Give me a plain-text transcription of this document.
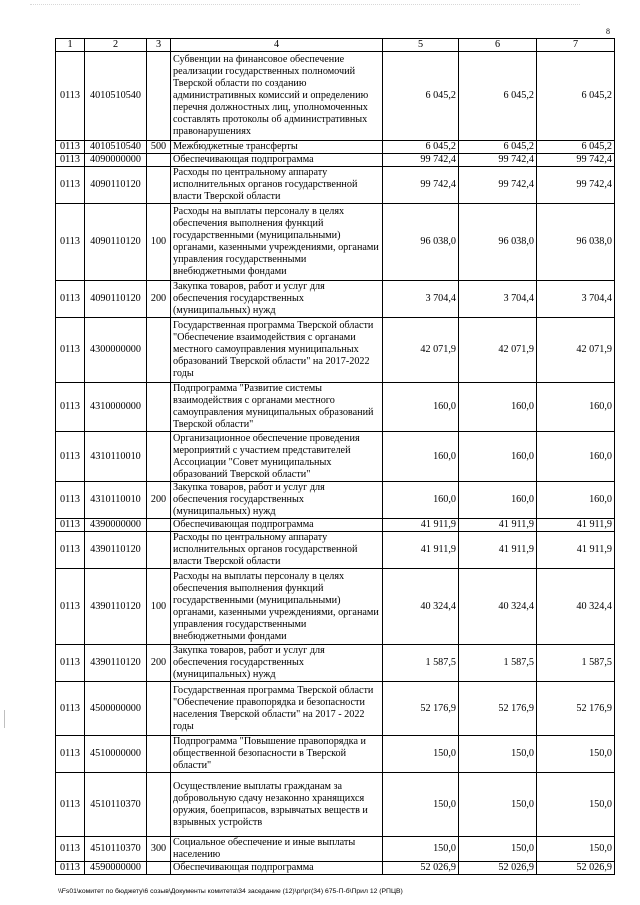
8
1	2	3	4	5	6	7
0113	4010510540		Субвенции на финансовое обеспечение реализации государственных полномочий Тверской области по созданию административных комиссий и определению перечня должностных лиц, уполномоченных составлять протоколы об административных правонарушениях	6 045,2	6 045,2	6 045,2
0113	4010510540	500	Межбюджетные трансферты	6 045,2	6 045,2	6 045,2
0113	4090000000		Обеспечивающая подпрограмма	99 742,4	99 742,4	99 742,4
0113	4090110120		Расходы по центральному аппарату исполнительных органов государственной власти Тверской области	99 742,4	99 742,4	99 742,4
0113	4090110120	100	Расходы на выплаты персоналу в целях обеспечения выполнения функций государственными (муниципальными) органами, казенными учреждениями, органами управления государственными внебюджетными фондами	96 038,0	96 038,0	96 038,0
0113	4090110120	200	Закупка товаров, работ и услуг для обеспечения государственных (муниципальных) нужд	3 704,4	3 704,4	3 704,4
0113	4300000000		Государственная программа Тверской области "Обеспечение взаимодействия с органами местного самоуправления муниципальных образований Тверской области" на 2017-2022 годы	42 071,9	42 071,9	42 071,9
0113	4310000000		Подпрограмма "Развитие системы взаимодействия с органами местного самоуправления муниципальных образований Тверской области"	160,0	160,0	160,0
0113	4310110010		Организационное обеспечение проведения мероприятий с участием представителей Ассоциации "Совет муниципальных образований Тверской области"	160,0	160,0	160,0
0113	4310110010	200	Закупка товаров, работ и услуг для обеспечения государственных (муниципальных) нужд	160,0	160,0	160,0
0113	4390000000		Обеспечивающая подпрограмма	41 911,9	41 911,9	41 911,9
0113	4390110120		Расходы по центральному аппарату исполнительных органов государственной власти Тверской области	41 911,9	41 911,9	41 911,9
0113	4390110120	100	Расходы на выплаты персоналу в целях обеспечения выполнения функций государственными (муниципальными) органами, казенными учреждениями, органами управления государственными внебюджетными фондами	40 324,4	40 324,4	40 324,4
0113	4390110120	200	Закупка товаров, работ и услуг для обеспечения государственных (муниципальных) нужд	1 587,5	1 587,5	1 587,5
0113	4500000000		Государственная программа Тверской области "Обеспечение правопорядка и безопасности населения Тверской области" на 2017 - 2022 годы	52 176,9	52 176,9	52 176,9
0113	4510000000		Подпрограмма "Повышение правопорядка и общественной безопасности в Тверской области"	150,0	150,0	150,0
0113	4510110370		Осуществление выплаты гражданам за добровольную сдачу незаконно хранящихся оружия, боеприпасов, взрывчатых веществ и взрывных устройств	150,0	150,0	150,0
0113	4510110370	300	Социальное обеспечение и иные выплаты населению	150,0	150,0	150,0
0113	4590000000		Обеспечивающая подпрограмма	52 026,9	52 026,9	52 026,9
\\Fs01\комитет по бюджету\6 созыв\Документы комитета\34 заседание (12)\рг\рг(34) 675-П-б\Прил 12 (РПЦВ)
